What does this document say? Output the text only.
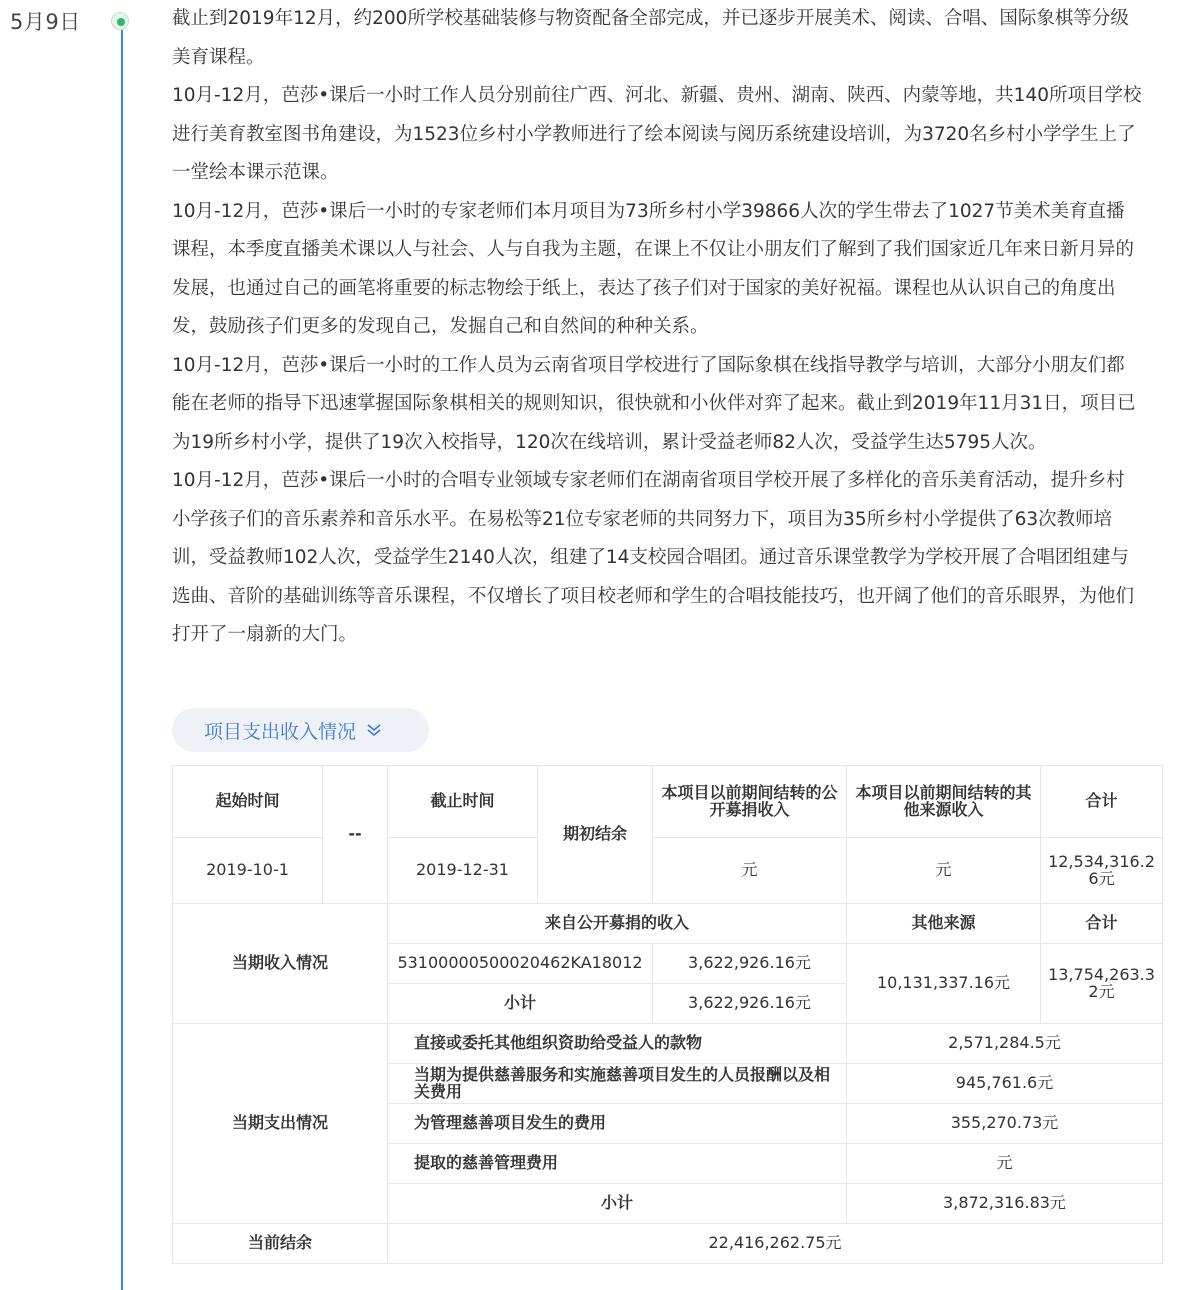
5月9日	截止到2019年12月，约200所学校基础装修与物资配备全部完成，并已逐步开展美术、阅读、合唱、国际象棋等分级美育课程。

10月-12月，芭莎•课后一小时工作人员分别前往广西、河北、新疆、贵州、湖南、陕西、内蒙等地，共140所项目学校进行美育教室图书角建设，为1523位乡村小学教师进行了绘本阅读与阅历系统建设培训，为3720名乡村小学学生上了一堂绘本课示范课。

10月-12月，芭莎•课后一小时的专家老师们本月项目为73所乡村小学39866人次的学生带去了1027节美术美育直播课程，本季度直播美术课以人与社会、人与自我为主题，在课上不仅让小朋友们了解到了我们国家近几年来日新月异的发展，也通过自己的画笔将重要的标志物绘于纸上，表达了孩子们对于国家的美好祝福。课程也从认识自己的角度出发，鼓励孩子们更多的发现自己，发掘自己和自然间的种种关系。

10月-12月，芭莎•课后一小时的工作人员为云南省项目学校进行了国际象棋在线指导教学与培训，大部分小朋友们都能在老师的指导下迅速掌握国际象棋相关的规则知识，很快就和小伙伴对弈了起来。截止到2019年11月31日，项目已为19所乡村小学，提供了19次入校指导，120次在线培训，累计受益老师82人次，受益学生达5795人次。

10月-12月，芭莎•课后一小时的合唱专业领域专家老师们在湖南省项目学校开展了多样化的音乐美育活动，提升乡村小学孩子们的音乐素养和音乐水平。在易松等21位专家老师的共同努力下，项目为35所乡村小学提供了63次教师培训，受益教师102人次，受益学生2140人次，组建了14支校园合唱团。通过音乐课堂教学为学校开展了合唱团组建与选曲、音阶的基础训练等音乐课程，不仅增长了项目校老师和学生的合唱技能技巧，也开阔了他们的音乐眼界，为他们打开了一扇新的大门。

项目支出收入情况
起始时间	--	截止时间	期初结余	本项目以前期间结转的公开募捐收入	本项目以前期间结转的其他来源收入	合计
2019-10-1		2019-12-31		元	元	12,534,316.26元
当期收入情况		来自公开募捐的收入			其他来源	合计
		53100000500020462KA18012		3,622,926.16元	10,131,337.16元	13,754,263.32元
		小计		3,622,926.16元		
当期支出情况		直接或委托其他组织资助给受益人的款物			2,571,284.5元	
		当期为提供慈善服务和实施慈善项目发生的人员报酬以及相关费用			945,761.6元	
		为管理慈善项目发生的费用			355,270.73元	
		提取的慈善管理费用			元	
		小计			3,872,316.83元	
当前结余		22,416,262.75元				
